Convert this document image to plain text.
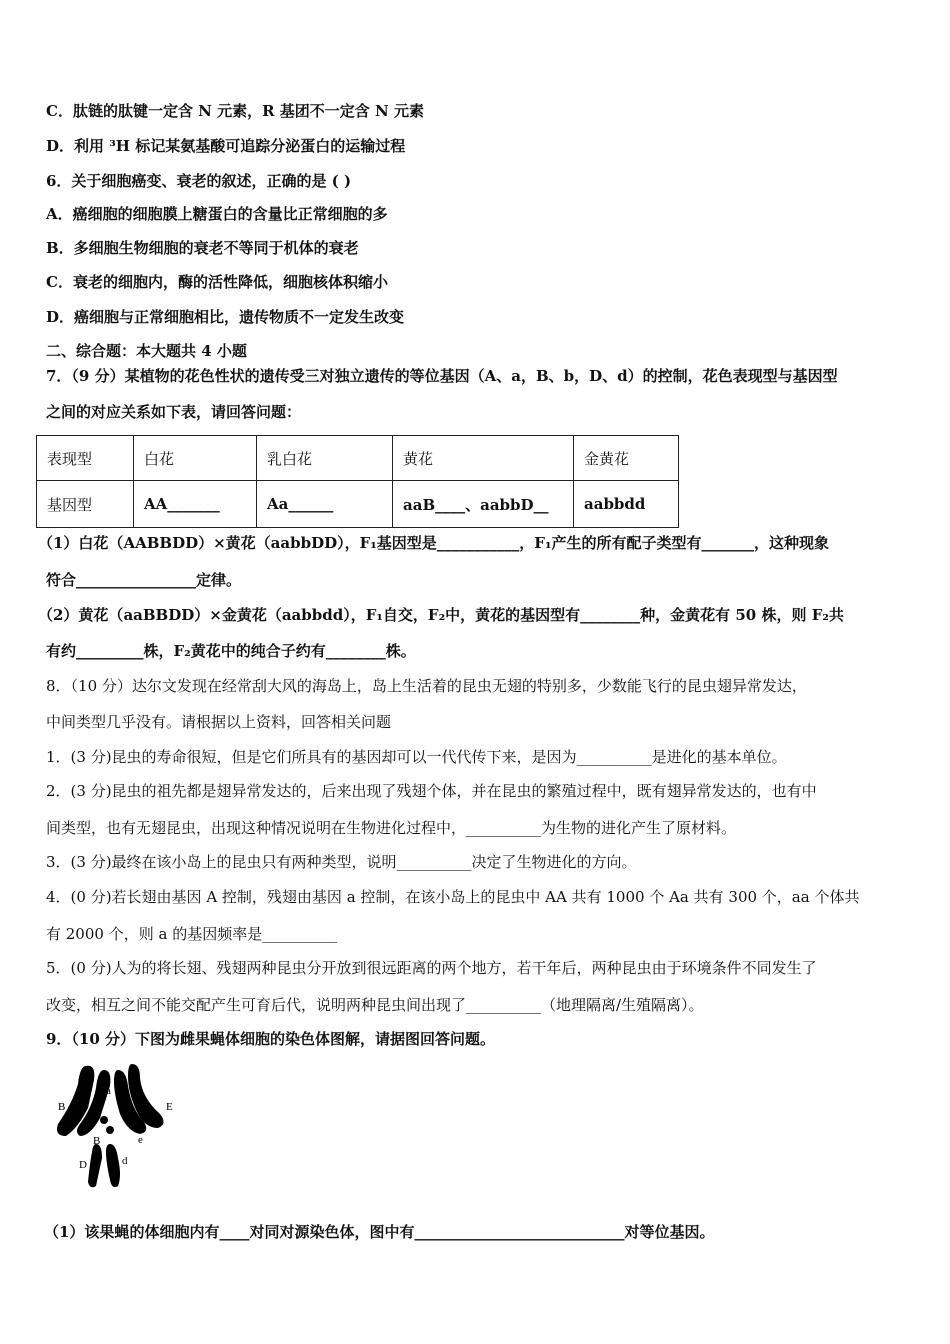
C．肽链的肽键一定含 N 元素，R 基团不一定含 N 元素
D．利用 ³H 标记某氨基酸可追踪分泌蛋白的运输过程
6．关于细胞癌变、衰老的叙述，正确的是 ( )
A．癌细胞的细胞膜上糖蛋白的含量比正常细胞的多
B．多细胞生物细胞的衰老不等同于机体的衰老
C．衰老的细胞内，酶的活性降低，细胞核体积缩小
D．癌细胞与正常细胞相比，遗传物质不一定发生改变
二、综合题：本大题共 4 小题
7．（9 分）某植物的花色性状的遗传受三对独立遗传的等位基因（A、a，B、b，D、d）的控制，花色表现型与基因型
之间的对应关系如下表，请回答问题：
表现型	白花	乳白花	黄花	金黄花
基因型	AA_______	Aa______	aaB____、aabbD__	aabbdd
（1）白花（AABBDD）×黄花（aabbDD），F₁基因型是___________，F₁产生的所有配子类型有_______，这种现象
符合________________定律。
（2）黄花（aaBBDD）×金黄花（aabbdd），F₁自交，F₂中，黄花的基因型有________种，金黄花有 50 株，则 F₂共
有约_________株，F₂黄花中的纯合子约有________株。
8．（10 分）达尔文发现在经常刮大风的海岛上，岛上生活着的昆虫无翅的特别多，少数能飞行的昆虫翅异常发达，
中间类型几乎没有。请根据以上资料，回答相关问题
1．(3 分)昆虫的寿命很短，但是它们所具有的基因却可以一代代传下来，是因为__________是进化的基本单位。
2．(3 分)昆虫的祖先都是翅异常发达的，后来出现了残翅个体，并在昆虫的繁殖过程中，既有翅异常发达的，也有中
间类型，也有无翅昆虫，出现这种情况说明在生物进化过程中，__________为生物的进化产生了原材料。
3．(3 分)最终在该小岛上的昆虫只有两种类型，说明__________决定了生物进化的方向。
4．(0 分)若长翅由基因 A 控制，残翅由基因 a 控制，在该小岛上的昆虫中 AA 共有 1000 个 Aa 共有 300 个，aa 个体共
有 2000 个，则 a 的基因频率是__________
5．(0 分)人为的将长翅、残翅两种昆虫分开放到很远距离的两个地方，若干年后，两种昆虫由于环境条件不同发生了
改变，相互之间不能交配产生可育后代，说明两种昆虫间出现了__________（地理隔离/生殖隔离）。
9．（10 分）下图为雌果蝇体细胞的染色体图解，请据图回答问题。
A
a
B
B
E
e
D	d
（1）该果蝇的体细胞内有____对同对源染色体，图中有____________________________对等位基因。
